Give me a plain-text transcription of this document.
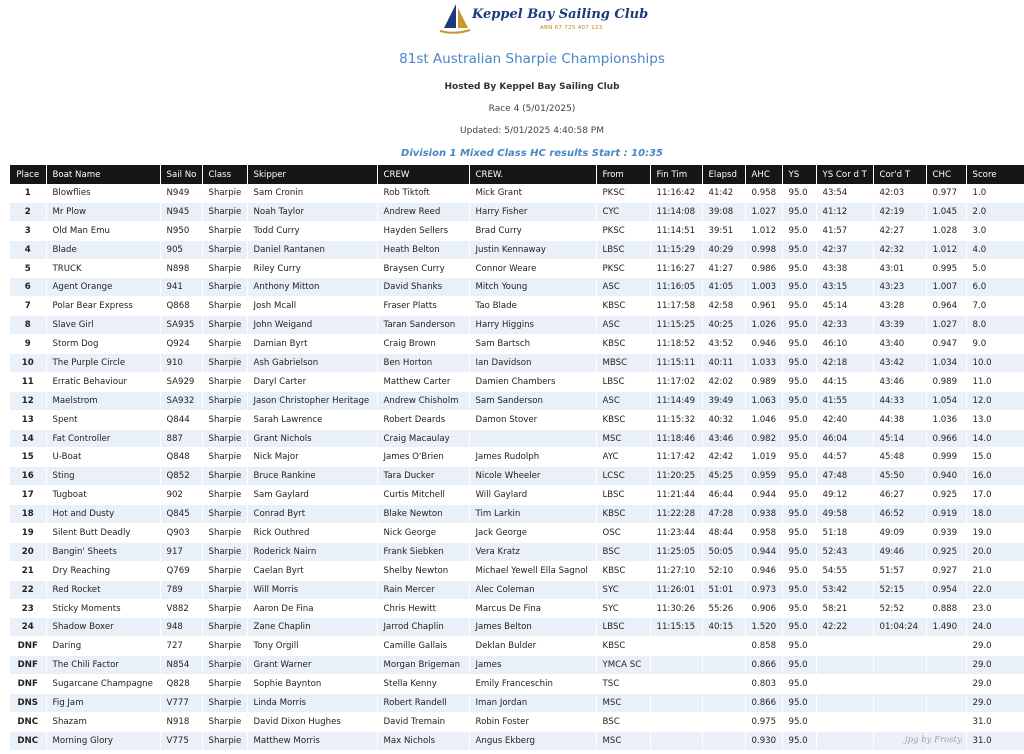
Keppel Bay Sailing Club
ABN 67 725 407 123
81st Australian Sharpie Championships
Hosted By Keppel Bay Sailing Club
Race 4 (5/01/2025)
Updated: 5/01/2025 4:40:58 PM
Division 1 Mixed Class HC results Start : 10:35
Place	Boat Name	Sail No	Class	Skipper	CREW	CREW.	From	Fin Tim	Elapsd	AHC	YS	YS Cor d T	Cor'd T	CHC	Score
1	Blowflies	N949	Sharpie	Sam Cronin	Rob Tiktoft	Mick Grant	PKSC	11:16:42	41:42	0.958	95.0	43:54	42:03	0.977	1.0
2	Mr Plow	N945	Sharpie	Noah Taylor	Andrew Reed	Harry Fisher	CYC	11:14:08	39:08	1.027	95.0	41:12	42:19	1.045	2.0
3	Old Man Emu	N950	Sharpie	Todd Curry	Hayden Sellers	Brad Curry	PKSC	11:14:51	39:51	1.012	95.0	41:57	42:27	1.028	3.0
4	Blade	905	Sharpie	Daniel Rantanen	Heath Belton	Justin Kennaway	LBSC	11:15:29	40:29	0.998	95.0	42:37	42:32	1.012	4.0
5	TRUCK	N898	Sharpie	Riley Curry	Braysen Curry	Connor Weare	PKSC	11:16:27	41:27	0.986	95.0	43:38	43:01	0.995	5.0
6	Agent Orange	941	Sharpie	Anthony Mitton	David Shanks	Mitch Young	ASC	11:16:05	41:05	1.003	95.0	43:15	43:23	1.007	6.0
7	Polar Bear Express	Q868	Sharpie	Josh Mcall	Fraser Platts	Tao Blade	KBSC	11:17:58	42:58	0.961	95.0	45:14	43:28	0.964	7.0
8	Slave Girl	SA935	Sharpie	John Weigand	Taran Sanderson	Harry Higgins	ASC	11:15:25	40:25	1.026	95.0	42:33	43:39	1.027	8.0
9	Storm Dog	Q924	Sharpie	Damian Byrt	Craig Brown	Sam Bartsch	KBSC	11:18:52	43:52	0.946	95.0	46:10	43:40	0.947	9.0
10	The Purple Circle	910	Sharpie	Ash Gabrielson	Ben Horton	Ian Davidson	MBSC	11:15:11	40:11	1.033	95.0	42:18	43:42	1.034	10.0
11	Erratic Behaviour	SA929	Sharpie	Daryl Carter	Matthew Carter	Damien Chambers	LBSC	11:17:02	42:02	0.989	95.0	44:15	43:46	0.989	11.0
12	Maelstrom	SA932	Sharpie	Jason Christopher Heritage	Andrew Chisholm	Sam Sanderson	ASC	11:14:49	39:49	1.063	95.0	41:55	44:33	1.054	12.0
13	Spent	Q844	Sharpie	Sarah Lawrence	Robert Deards	Damon Stover	KBSC	11:15:32	40:32	1.046	95.0	42:40	44:38	1.036	13.0
14	Fat Controller	887	Sharpie	Grant Nichols	Craig Macaulay		MSC	11:18:46	43:46	0.982	95.0	46:04	45:14	0.966	14.0
15	U-Boat	Q848	Sharpie	Nick Major	James O'Brien	James Rudolph	AYC	11:17:42	42:42	1.019	95.0	44:57	45:48	0.999	15.0
16	Sting	Q852	Sharpie	Bruce Rankine	Tara Ducker	Nicole Wheeler	LCSC	11:20:25	45:25	0.959	95.0	47:48	45:50	0.940	16.0
17	Tugboat	902	Sharpie	Sam Gaylard	Curtis Mitchell	Will Gaylard	LBSC	11:21:44	46:44	0.944	95.0	49:12	46:27	0.925	17.0
18	Hot and Dusty	Q845	Sharpie	Conrad Byrt	Blake Newton	Tim Larkin	KBSC	11:22:28	47:28	0.938	95.0	49:58	46:52	0.919	18.0
19	Silent Butt Deadly	Q903	Sharpie	Rick Outhred	Nick George	Jack George	OSC	11:23:44	48:44	0.958	95.0	51:18	49:09	0.939	19.0
20	Bangin' Sheets	917	Sharpie	Roderick Nairn	Frank Siebken	Vera Kratz	BSC	11:25:05	50:05	0.944	95.0	52:43	49:46	0.925	20.0
21	Dry Reaching	Q769	Sharpie	Caelan Byrt	Shelby Newton	Michael Yewell Ella Sagnol	KBSC	11:27:10	52:10	0.946	95.0	54:55	51:57	0.927	21.0
22	Red Rocket	789	Sharpie	Will Morris	Rain Mercer	Alec Coleman	SYC	11:26:01	51:01	0.973	95.0	53:42	52:15	0.954	22.0
23	Sticky Moments	V882	Sharpie	Aaron De Fina	Chris Hewitt	Marcus De Fina	SYC	11:30:26	55:26	0.906	95.0	58:21	52:52	0.888	23.0
24	Shadow Boxer	948	Sharpie	Zane Chaplin	Jarrod Chaplin	James Belton	LBSC	11:15:15	40:15	1.520	95.0	42:22	01:04:24	1.490	24.0
DNF	Daring	727	Sharpie	Tony Orgill	Camille Gallais	Deklan Bulder	KBSC			0.858	95.0				29.0
DNF	The Chili Factor	N854	Sharpie	Grant Warner	Morgan Brigeman	James	YMCA SC			0.866	95.0				29.0
DNF	Sugarcane Champagne	Q828	Sharpie	Sophie Baynton	Stella Kenny	Emily Franceschin	TSC			0.803	95.0				29.0
DNS	Fig Jam	V777	Sharpie	Linda Morris	Robert Randell	Iman Jordan	MSC			0.866	95.0				29.0
DNC	Shazam	N918	Sharpie	David Dixon Hughes	David Tremain	Robin Foster	BSC			0.975	95.0				31.0
DNC	Morning Glory	V775	Sharpie	Matthew Morris	Max Nichols	Angus Ekberg	MSC			0.930	95.0				31.0
jpg by Frosty
